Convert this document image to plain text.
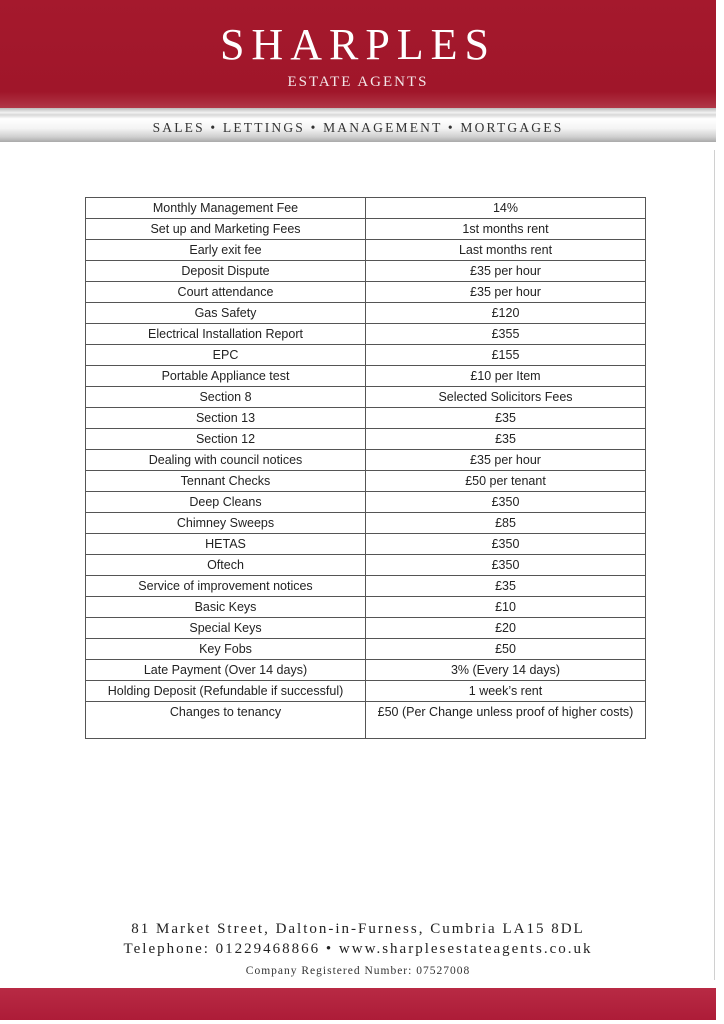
SHARPLES
ESTATE AGENTS
SALES • LETTINGS • MANAGEMENT • MORTGAGES
Monthly Management Fee	14%
Set up and Marketing Fees	1st months rent
Early exit fee	Last months rent
Deposit Dispute	£35 per hour
Court attendance	£35 per hour
Gas Safety	£120
Electrical Installation Report	£355
EPC	£155
Portable Appliance test	£10 per Item
Section 8	Selected Solicitors Fees
Section 13	£35
Section 12	£35
Dealing with council notices	£35 per hour
Tennant Checks	£50 per tenant
Deep Cleans	£350
Chimney Sweeps	£85
HETAS	£350
Oftech	£350
Service of improvement notices	£35
Basic Keys	£10
Special Keys	£20
Key Fobs	£50
Late Payment (Over 14 days)	3% (Every 14 days)
Holding Deposit (Refundable if successful)	1 week’s rent
Changes to tenancy	£50 (Per Change unless proof of higher costs)
81 Market Street, Dalton-in-Furness, Cumbria LA15 8DL
Telephone: 01229468866 • www.sharplesestateagents.co.uk
Company Registered Number: 07527008
